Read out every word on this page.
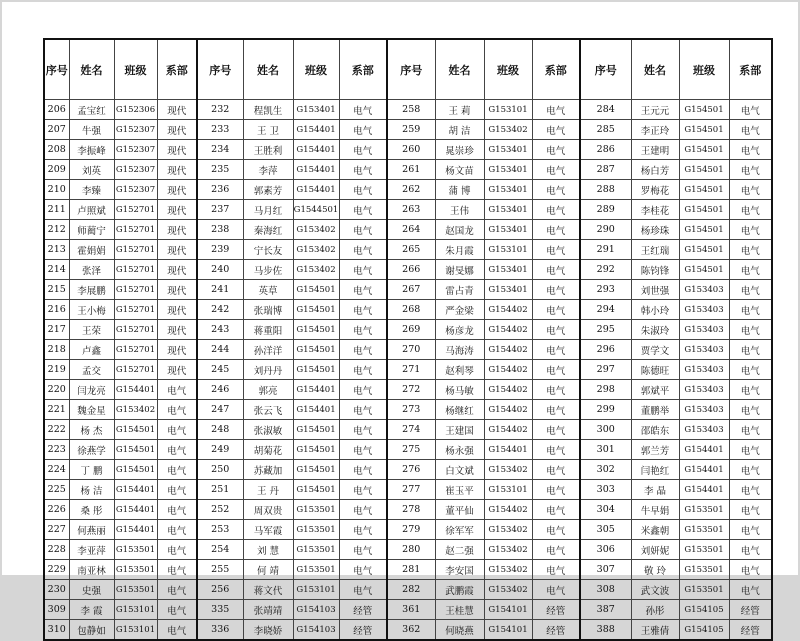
序号	姓名	班级	系部	序号	姓名	班级	系部	序号	姓名	班级	系部	序号	姓名	班级	系部
206	孟宝红	G152306	现代	232	程凯生	G153401	电气	258	王 莉	G153101	电气	284	王元元	G154501	电气
207	牛强	G152307	现代	233	王 卫	G154401	电气	259	胡 洁	G153402	电气	285	李正玲	G154501	电气
208	李振峰	G152307	现代	234	王胜利	G154401	电气	260	晁崇珍	G153401	电气	286	王建明	G154501	电气
209	刘英	G152307	现代	235	李萍	G154401	电气	261	杨文苗	G153401	电气	287	杨白芳	G154501	电气
210	李臻	G152307	现代	236	郭素芳	G154401	电气	262	蒲 博	G153401	电气	288	罗梅花	G154501	电气
211	卢照斌	G152701	现代	237	马月红	G1544501	电气	263	王伟	G153401	电气	289	李桂花	G154501	电气
212	师蔺宁	G152701	现代	238	秦海红	G153402	电气	264	赵国龙	G153401	电气	290	杨珍珠	G154501	电气
213	霍娟娟	G152701	现代	239	宁长友	G153402	电气	265	朱月霞	G153101	电气	291	王红瑞	G154501	电气
214	张泽	G152701	现代	240	马步佐	G153402	电气	266	谢旻娜	G153401	电气	292	陈钧锋	G154501	电气
215	李展鹏	G152701	现代	241	英草	G154501	电气	267	雷占青	G153401	电气	293	刘世强	G153403	电气
216	王小梅	G152701	现代	242	张瑞博	G154501	电气	268	严金梁	G154402	电气	294	韩小玲	G153403	电气
217	王荣	G152701	现代	243	蒋重阳	G154501	电气	269	杨彦龙	G154402	电气	295	朱淑玲	G153403	电气
218	卢鑫	G152701	现代	244	孙洋洋	G154501	电气	270	马海涛	G154402	电气	296	贾学文	G153403	电气
219	孟交	G152701	现代	245	刘丹丹	G154501	电气	271	赵利琴	G154402	电气	297	陈德旺	G153403	电气
220	闫龙亮	G154401	电气	246	郭亮	G154401	电气	272	杨马敏	G154402	电气	298	郭斌平	G153403	电气
221	魏金星	G153402	电气	247	张云飞	G154401	电气	273	杨继红	G154402	电气	299	董鹏举	G153403	电气
222	杨 杰	G154501	电气	248	张淑敏	G154501	电气	274	王建国	G154402	电气	300	邵皓东	G153403	电气
223	徐燕学	G154501	电气	249	胡菊花	G154501	电气	275	杨永强	G154401	电气	301	郭兰芳	G154401	电气
224	丁 鹏	G154501	电气	250	苏藏加	G154501	电气	276	白文斌	G153402	电气	302	闫艳红	G154401	电气
225	杨 洁	G154401	电气	251	王 丹	G154501	电气	277	崔玉平	G153101	电气	303	李 晶	G154401	电气
226	桑 彤	G154401	电气	252	周双贵	G153501	电气	278	董平仙	G154402	电气	304	牛早娟	G153501	电气
227	何燕丽	G154401	电气	253	马军霞	G153501	电气	279	徐军军	G153402	电气	305	米鑫朝	G153501	电气
228	李亚萍	G153501	电气	254	刘 慧	G153501	电气	280	赵二强	G153402	电气	306	刘妍妮	G153501	电气
229	南亚林	G153501	电气	255	何 靖	G153501	电气	281	李安国	G153402	电气	307	敬 玲	G153501	电气
230	史强	G153501	电气	256	蒋文代	G153101	电气	282	武鹏霞	G153402	电气	308	武文波	G153501	电气
309	李 霞	G153101	电气	335	张靖靖	G154103	经管	361	王桂慧	G154101	经管	387	孙彤	G154105	经管
310	包静如	G153101	电气	336	李晓娇	G154103	经管	362	何晓燕	G154101	经管	388	王雅倩	G154105	经管
